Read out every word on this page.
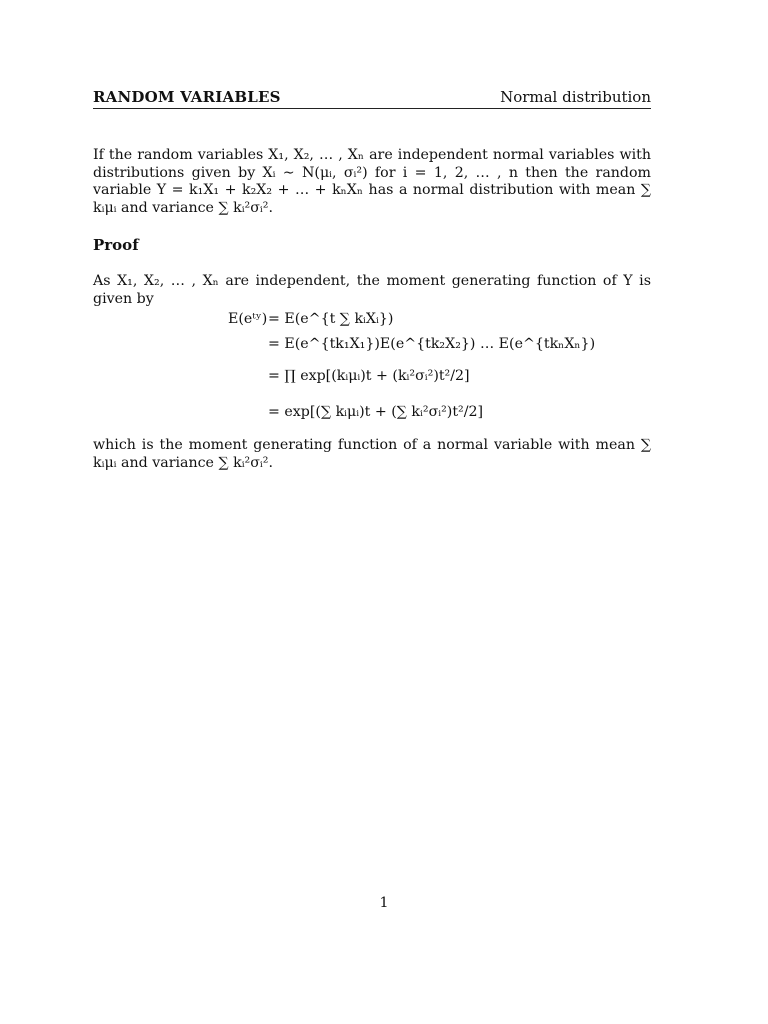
RANDOM VARIABLES	Normal distribution
If the random variables X₁, X₂, … , Xₙ are independent normal variables with distributions given by Xᵢ ∼ N(μᵢ, σᵢ²) for i = 1, 2, … , n then the random variable Y = k₁X₁ + k₂X₂ + … + kₙXₙ has a normal distribution with mean ∑ kᵢμᵢ and variance ∑ kᵢ²σᵢ².
Proof
As X₁, X₂, … , Xₙ are independent, the moment generating function of Y is given by
E(eᵗʸ) = E(e^{t ∑ kᵢXᵢ})
= E(e^{tk₁X₁})E(e^{tk₂X₂}) … E(e^{tkₙXₙ})
= ∏ exp[(kᵢμᵢ)t + (kᵢ²σᵢ²)t²/2]
= exp[(∑ kᵢμᵢ)t + (∑ kᵢ²σᵢ²)t²/2]
which is the moment generating function of a normal variable with mean ∑ kᵢμᵢ and variance ∑ kᵢ²σᵢ².
1
